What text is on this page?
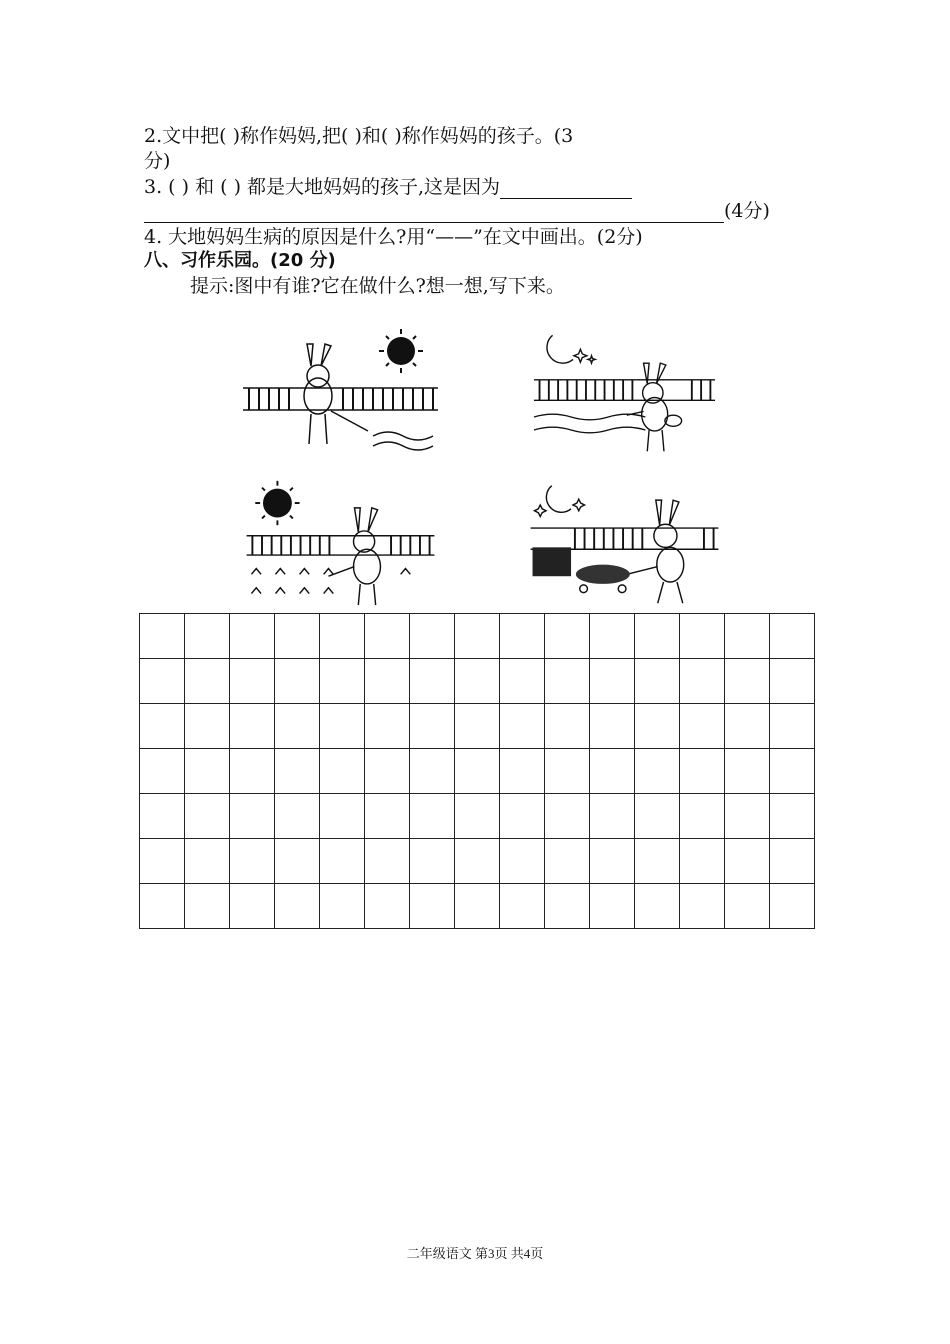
2.文中把( )称作妈妈,把( )和( )称作妈妈的孩子。(3
分)
3. ( ) 和 ( ) 都是大地妈妈的孩子,这是因为
(4分)
4. 大地妈妈生病的原因是什么?用“——”在文中画出。(2分)
八、习作乐园。(20 分)
提示:图中有谁?它在做什么?想一想,写下来。

二年级语文 第3页 共4页
